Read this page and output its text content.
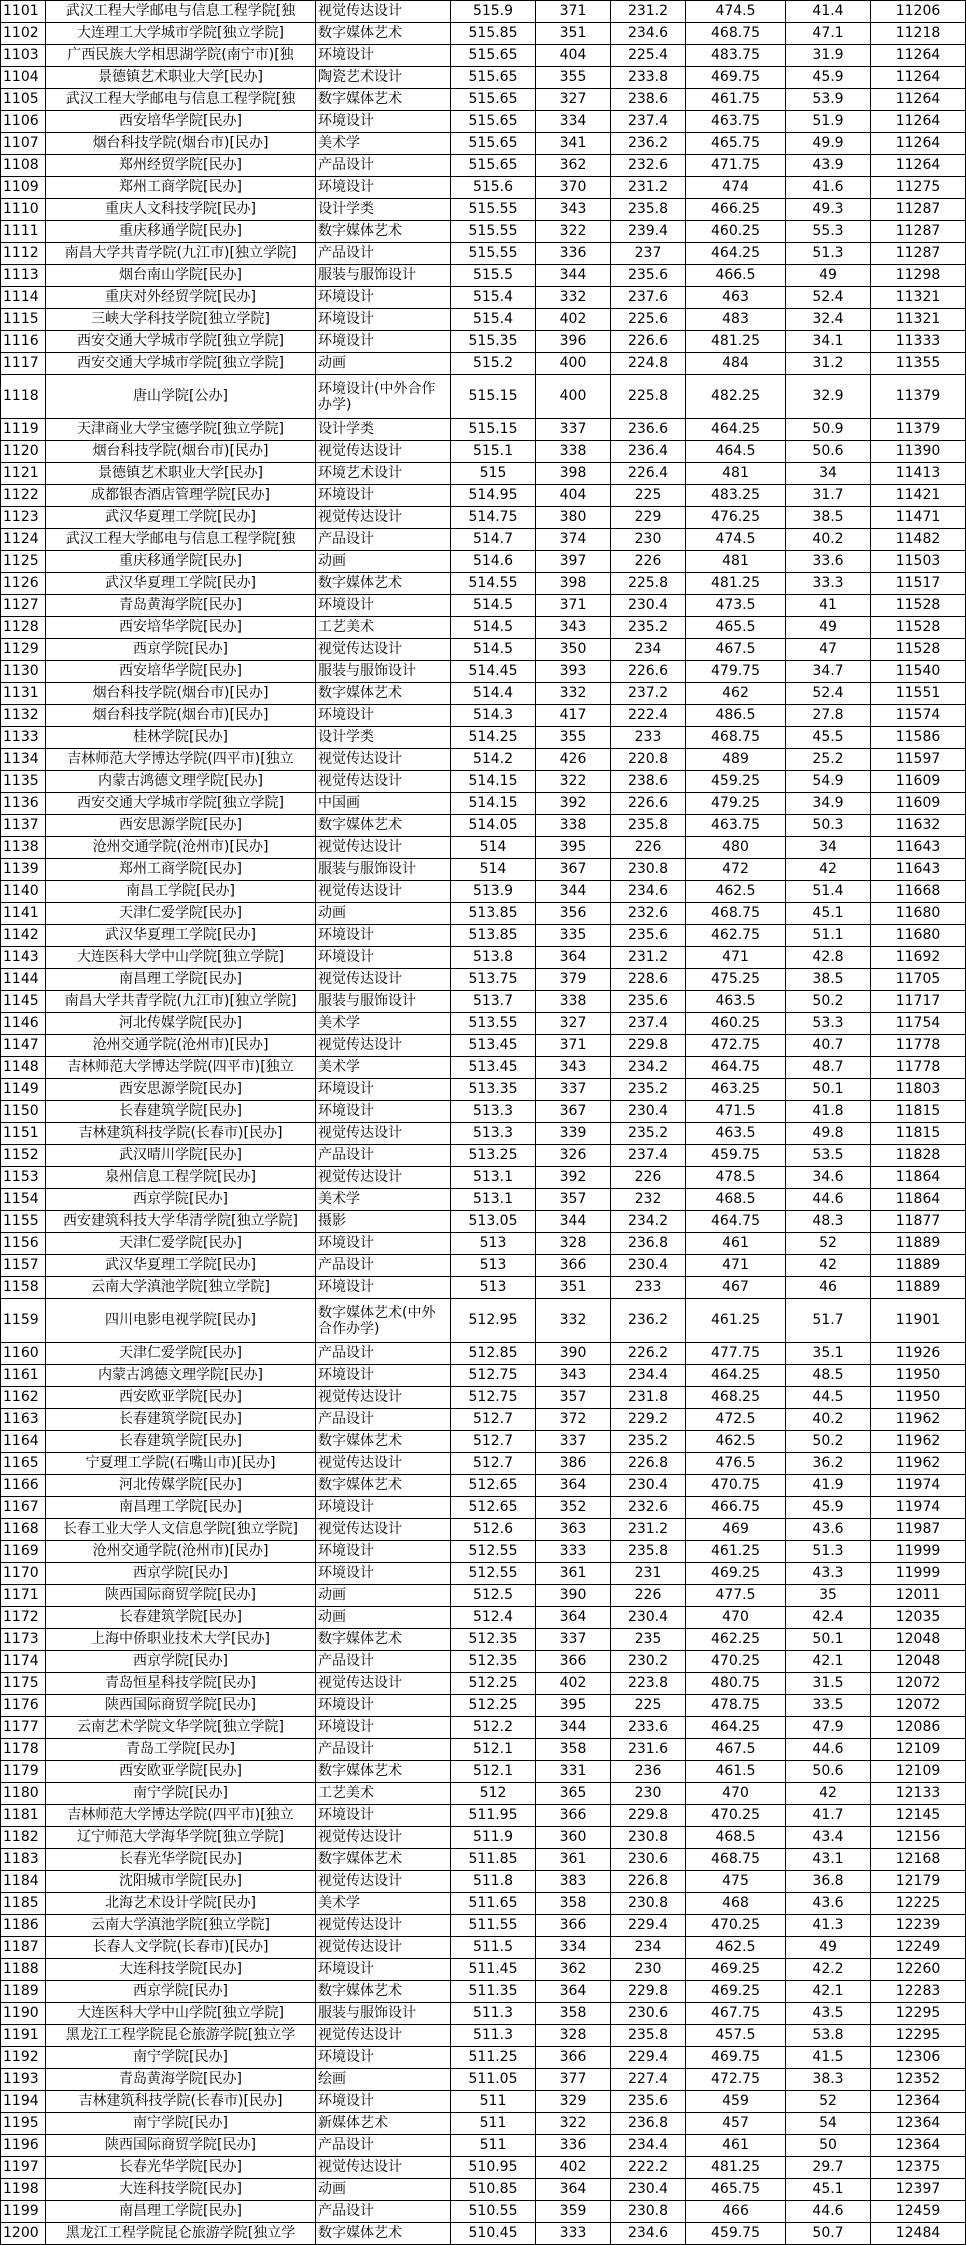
1101	武汉工程大学邮电与信息工程学院[独	视觉传达设计	515.9	371	231.2	474.5	41.4	11206
1102	大连理工大学城市学院[独立学院]	数字媒体艺术	515.85	351	234.6	468.75	47.1	11218
1103	广西民族大学相思湖学院(南宁市)[独	环境设计	515.65	404	225.4	483.75	31.9	11264
1104	景德镇艺术职业大学[民办]	陶瓷艺术设计	515.65	355	233.8	469.75	45.9	11264
1105	武汉工程大学邮电与信息工程学院[独	数字媒体艺术	515.65	327	238.6	461.75	53.9	11264
1106	西安培华学院[民办]	环境设计	515.65	334	237.4	463.75	51.9	11264
1107	烟台科技学院(烟台市)[民办]	美术学	515.65	341	236.2	465.75	49.9	11264
1108	郑州经贸学院[民办]	产品设计	515.65	362	232.6	471.75	43.9	11264
1109	郑州工商学院[民办]	环境设计	515.6	370	231.2	474	41.6	11275
1110	重庆人文科技学院[民办]	设计学类	515.55	343	235.8	466.25	49.3	11287
1111	重庆移通学院[民办]	数字媒体艺术	515.55	322	239.4	460.25	55.3	11287
1112	南昌大学共青学院(九江市)[独立学院]	产品设计	515.55	336	237	464.25	51.3	11287
1113	烟台南山学院[民办]	服装与服饰设计	515.5	344	235.6	466.5	49	11298
1114	重庆对外经贸学院[民办]	环境设计	515.4	332	237.6	463	52.4	11321
1115	三峡大学科技学院[独立学院]	环境设计	515.4	402	225.6	483	32.4	11321
1116	西安交通大学城市学院[独立学院]	环境设计	515.35	396	226.6	481.25	34.1	11333
1117	西安交通大学城市学院[独立学院]	动画	515.2	400	224.8	484	31.2	11355
1118	唐山学院[公办]	环境设计(中外合作办学)	515.15	400	225.8	482.25	32.9	11379
1119	天津商业大学宝德学院[独立学院]	设计学类	515.15	337	236.6	464.25	50.9	11379
1120	烟台科技学院(烟台市)[民办]	视觉传达设计	515.1	338	236.4	464.5	50.6	11390
1121	景德镇艺术职业大学[民办]	环境艺术设计	515	398	226.4	481	34	11413
1122	成都银杏酒店管理学院[民办]	环境设计	514.95	404	225	483.25	31.7	11421
1123	武汉华夏理工学院[民办]	视觉传达设计	514.75	380	229	476.25	38.5	11471
1124	武汉工程大学邮电与信息工程学院[独	产品设计	514.7	374	230	474.5	40.2	11482
1125	重庆移通学院[民办]	动画	514.6	397	226	481	33.6	11503
1126	武汉华夏理工学院[民办]	数字媒体艺术	514.55	398	225.8	481.25	33.3	11517
1127	青岛黄海学院[民办]	环境设计	514.5	371	230.4	473.5	41	11528
1128	西安培华学院[民办]	工艺美术	514.5	343	235.2	465.5	49	11528
1129	西京学院[民办]	视觉传达设计	514.5	350	234	467.5	47	11528
1130	西安培华学院[民办]	服装与服饰设计	514.45	393	226.6	479.75	34.7	11540
1131	烟台科技学院(烟台市)[民办]	数字媒体艺术	514.4	332	237.2	462	52.4	11551
1132	烟台科技学院(烟台市)[民办]	环境设计	514.3	417	222.4	486.5	27.8	11574
1133	桂林学院[民办]	设计学类	514.25	355	233	468.75	45.5	11586
1134	吉林师范大学博达学院(四平市)[独立	视觉传达设计	514.2	426	220.8	489	25.2	11597
1135	内蒙古鸿德文理学院[民办]	视觉传达设计	514.15	322	238.6	459.25	54.9	11609
1136	西安交通大学城市学院[独立学院]	中国画	514.15	392	226.6	479.25	34.9	11609
1137	西安思源学院[民办]	数字媒体艺术	514.05	338	235.8	463.75	50.3	11632
1138	沧州交通学院(沧州市)[民办]	视觉传达设计	514	395	226	480	34	11643
1139	郑州工商学院[民办]	服装与服饰设计	514	367	230.8	472	42	11643
1140	南昌工学院[民办]	视觉传达设计	513.9	344	234.6	462.5	51.4	11668
1141	天津仁爱学院[民办]	动画	513.85	356	232.6	468.75	45.1	11680
1142	武汉华夏理工学院[民办]	环境设计	513.85	335	235.6	462.75	51.1	11680
1143	大连医科大学中山学院[独立学院]	环境设计	513.8	364	231.2	471	42.8	11692
1144	南昌理工学院[民办]	视觉传达设计	513.75	379	228.6	475.25	38.5	11705
1145	南昌大学共青学院(九江市)[独立学院]	服装与服饰设计	513.7	338	235.6	463.5	50.2	11717
1146	河北传媒学院[民办]	美术学	513.55	327	237.4	460.25	53.3	11754
1147	沧州交通学院(沧州市)[民办]	视觉传达设计	513.45	371	229.8	472.75	40.7	11778
1148	吉林师范大学博达学院(四平市)[独立	美术学	513.45	343	234.2	464.75	48.7	11778
1149	西安思源学院[民办]	环境设计	513.35	337	235.2	463.25	50.1	11803
1150	长春建筑学院[民办]	环境设计	513.3	367	230.4	471.5	41.8	11815
1151	吉林建筑科技学院(长春市)[民办]	视觉传达设计	513.3	339	235.2	463.5	49.8	11815
1152	武汉晴川学院[民办]	产品设计	513.25	326	237.4	459.75	53.5	11828
1153	泉州信息工程学院[民办]	视觉传达设计	513.1	392	226	478.5	34.6	11864
1154	西京学院[民办]	美术学	513.1	357	232	468.5	44.6	11864
1155	西安建筑科技大学华清学院[独立学院]	摄影	513.05	344	234.2	464.75	48.3	11877
1156	天津仁爱学院[民办]	环境设计	513	328	236.8	461	52	11889
1157	武汉华夏理工学院[民办]	产品设计	513	366	230.4	471	42	11889
1158	云南大学滇池学院[独立学院]	环境设计	513	351	233	467	46	11889
1159	四川电影电视学院[民办]	数字媒体艺术(中外合作办学)	512.95	332	236.2	461.25	51.7	11901
1160	天津仁爱学院[民办]	产品设计	512.85	390	226.2	477.75	35.1	11926
1161	内蒙古鸿德文理学院[民办]	环境设计	512.75	343	234.4	464.25	48.5	11950
1162	西安欧亚学院[民办]	视觉传达设计	512.75	357	231.8	468.25	44.5	11950
1163	长春建筑学院[民办]	产品设计	512.7	372	229.2	472.5	40.2	11962
1164	长春建筑学院[民办]	数字媒体艺术	512.7	337	235.2	462.5	50.2	11962
1165	宁夏理工学院(石嘴山市)[民办]	视觉传达设计	512.7	386	226.8	476.5	36.2	11962
1166	河北传媒学院[民办]	数字媒体艺术	512.65	364	230.4	470.75	41.9	11974
1167	南昌理工学院[民办]	环境设计	512.65	352	232.6	466.75	45.9	11974
1168	长春工业大学人文信息学院[独立学院]	视觉传达设计	512.6	363	231.2	469	43.6	11987
1169	沧州交通学院(沧州市)[民办]	环境设计	512.55	333	235.8	461.25	51.3	11999
1170	西京学院[民办]	环境设计	512.55	361	231	469.25	43.3	11999
1171	陕西国际商贸学院[民办]	动画	512.5	390	226	477.5	35	12011
1172	长春建筑学院[民办]	动画	512.4	364	230.4	470	42.4	12035
1173	上海中侨职业技术大学[民办]	数字媒体艺术	512.35	337	235	462.25	50.1	12048
1174	西京学院[民办]	产品设计	512.35	366	230.2	470.25	42.1	12048
1175	青岛恒星科技学院[民办]	视觉传达设计	512.25	402	223.8	480.75	31.5	12072
1176	陕西国际商贸学院[民办]	环境设计	512.25	395	225	478.75	33.5	12072
1177	云南艺术学院文华学院[独立学院]	环境设计	512.2	344	233.6	464.25	47.9	12086
1178	青岛工学院[民办]	产品设计	512.1	358	231.6	467.5	44.6	12109
1179	西安欧亚学院[民办]	数字媒体艺术	512.1	331	236	461.5	50.6	12109
1180	南宁学院[民办]	工艺美术	512	365	230	470	42	12133
1181	吉林师范大学博达学院(四平市)[独立	环境设计	511.95	366	229.8	470.25	41.7	12145
1182	辽宁师范大学海华学院[独立学院]	视觉传达设计	511.9	360	230.8	468.5	43.4	12156
1183	长春光华学院[民办]	数字媒体艺术	511.85	361	230.6	468.75	43.1	12168
1184	沈阳城市学院[民办]	视觉传达设计	511.8	383	226.8	475	36.8	12179
1185	北海艺术设计学院[民办]	美术学	511.65	358	230.8	468	43.6	12225
1186	云南大学滇池学院[独立学院]	视觉传达设计	511.55	366	229.4	470.25	41.3	12239
1187	长春人文学院(长春市)[民办]	视觉传达设计	511.5	334	234	462.5	49	12249
1188	大连科技学院[民办]	环境设计	511.45	362	230	469.25	42.2	12260
1189	西京学院[民办]	数字媒体艺术	511.35	364	229.8	469.25	42.1	12283
1190	大连医科大学中山学院[独立学院]	服装与服饰设计	511.3	358	230.6	467.75	43.5	12295
1191	黑龙江工程学院昆仑旅游学院[独立学	视觉传达设计	511.3	328	235.8	457.5	53.8	12295
1192	南宁学院[民办]	环境设计	511.25	366	229.4	469.75	41.5	12306
1193	青岛黄海学院[民办]	绘画	511.05	377	227.4	472.75	38.3	12352
1194	吉林建筑科技学院(长春市)[民办]	环境设计	511	329	235.6	459	52	12364
1195	南宁学院[民办]	新媒体艺术	511	322	236.8	457	54	12364
1196	陕西国际商贸学院[民办]	产品设计	511	336	234.4	461	50	12364
1197	长春光华学院[民办]	视觉传达设计	510.95	402	222.2	481.25	29.7	12375
1198	大连科技学院[民办]	动画	510.85	364	230.4	465.75	45.1	12397
1199	南昌理工学院[民办]	产品设计	510.55	359	230.8	466	44.6	12459
1200	黑龙江工程学院昆仑旅游学院[独立学	数字媒体艺术	510.45	333	234.6	459.75	50.7	12484
